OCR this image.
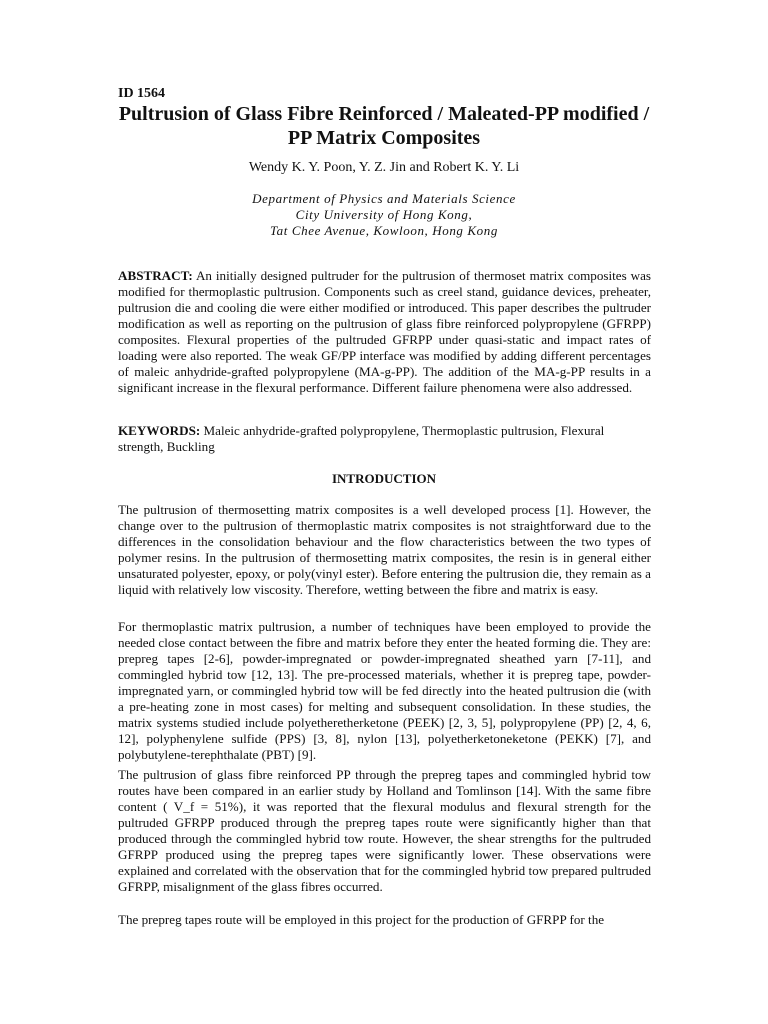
ID 1564
Pultrusion of Glass Fibre Reinforced / Maleated-PP modified / PP Matrix Composites
Wendy K. Y. Poon, Y. Z. Jin and Robert K. Y. Li
Department of Physics and Materials Science
City University of Hong Kong,
Tat Chee Avenue, Kowloon, Hong Kong

ABSTRACT: An initially designed pultruder for the pultrusion of thermoset matrix composites was modified for thermoplastic pultrusion. Components such as creel stand, guidance devices, preheater, pultrusion die and cooling die were either modified or introduced. This paper describes the pultruder modification as well as reporting on the pultrusion of glass fibre reinforced polypropylene (GFRPP) composites. Flexural properties of the pultruded GFRPP under quasi-static and impact rates of loading were also reported. The weak GF/PP interface was modified by adding different percentages of maleic anhydride-grafted polypropylene (MA-g-PP). The addition of the MA-g-PP results in a significant increase in the flexural performance. Different failure phenomena were also addressed.

KEYWORDS: Maleic anhydride-grafted polypropylene, Thermoplastic pultrusion, Flexural strength, Buckling

INTRODUCTION

The pultrusion of thermosetting matrix composites is a well developed process [1]. However, the change over to the pultrusion of thermoplastic matrix composites is not straightforward due to the differences in the consolidation behaviour and the flow characteristics between the two types of polymer resins. In the pultrusion of thermosetting matrix composites, the resin is in general either unsaturated polyester, epoxy, or poly(vinyl ester). Before entering the pultrusion die, they remain as a liquid with relatively low viscosity. Therefore, wetting between the fibre and matrix is easy.

For thermoplastic matrix pultrusion, a number of techniques have been employed to provide the needed close contact between the fibre and matrix before they enter the heated forming die. They are: prepreg tapes [2-6], powder-impregnated or powder-impregnated sheathed yarn [7-11], and commingled hybrid tow [12, 13]. The pre-processed materials, whether it is prepreg tape, powder-impregnated yarn, or commingled hybrid tow will be fed directly into the heated pultrusion die (with a pre-heating zone in most cases) for melting and subsequent consolidation. In these studies, the matrix systems studied include polyetheretherketone (PEEK) [2, 3, 5], polypropylene (PP) [2, 4, 6, 12], polyphenylene sulfide (PPS) [3, 8], nylon [13], polyetherketoneketone (PEKK) [7], and polybutylene-terephthalate (PBT) [9].

The pultrusion of glass fibre reinforced PP through the prepreg tapes and commingled hybrid tow routes have been compared in an earlier study by Holland and Tomlinson [14]. With the same fibre content ( V_f = 51%), it was reported that the flexural modulus and flexural strength for the pultruded GFRPP produced through the prepreg tapes route were significantly higher than that produced through the commingled hybrid tow route. However, the shear strengths for the pultruded GFRPP produced using the prepreg tapes were significantly lower. These observations were explained and correlated with the observation that for the commingled hybrid tow prepared pultruded GFRPP, misalignment of the glass fibres occurred.

The prepreg tapes route will be employed in this project for the production of GFRPP for the
